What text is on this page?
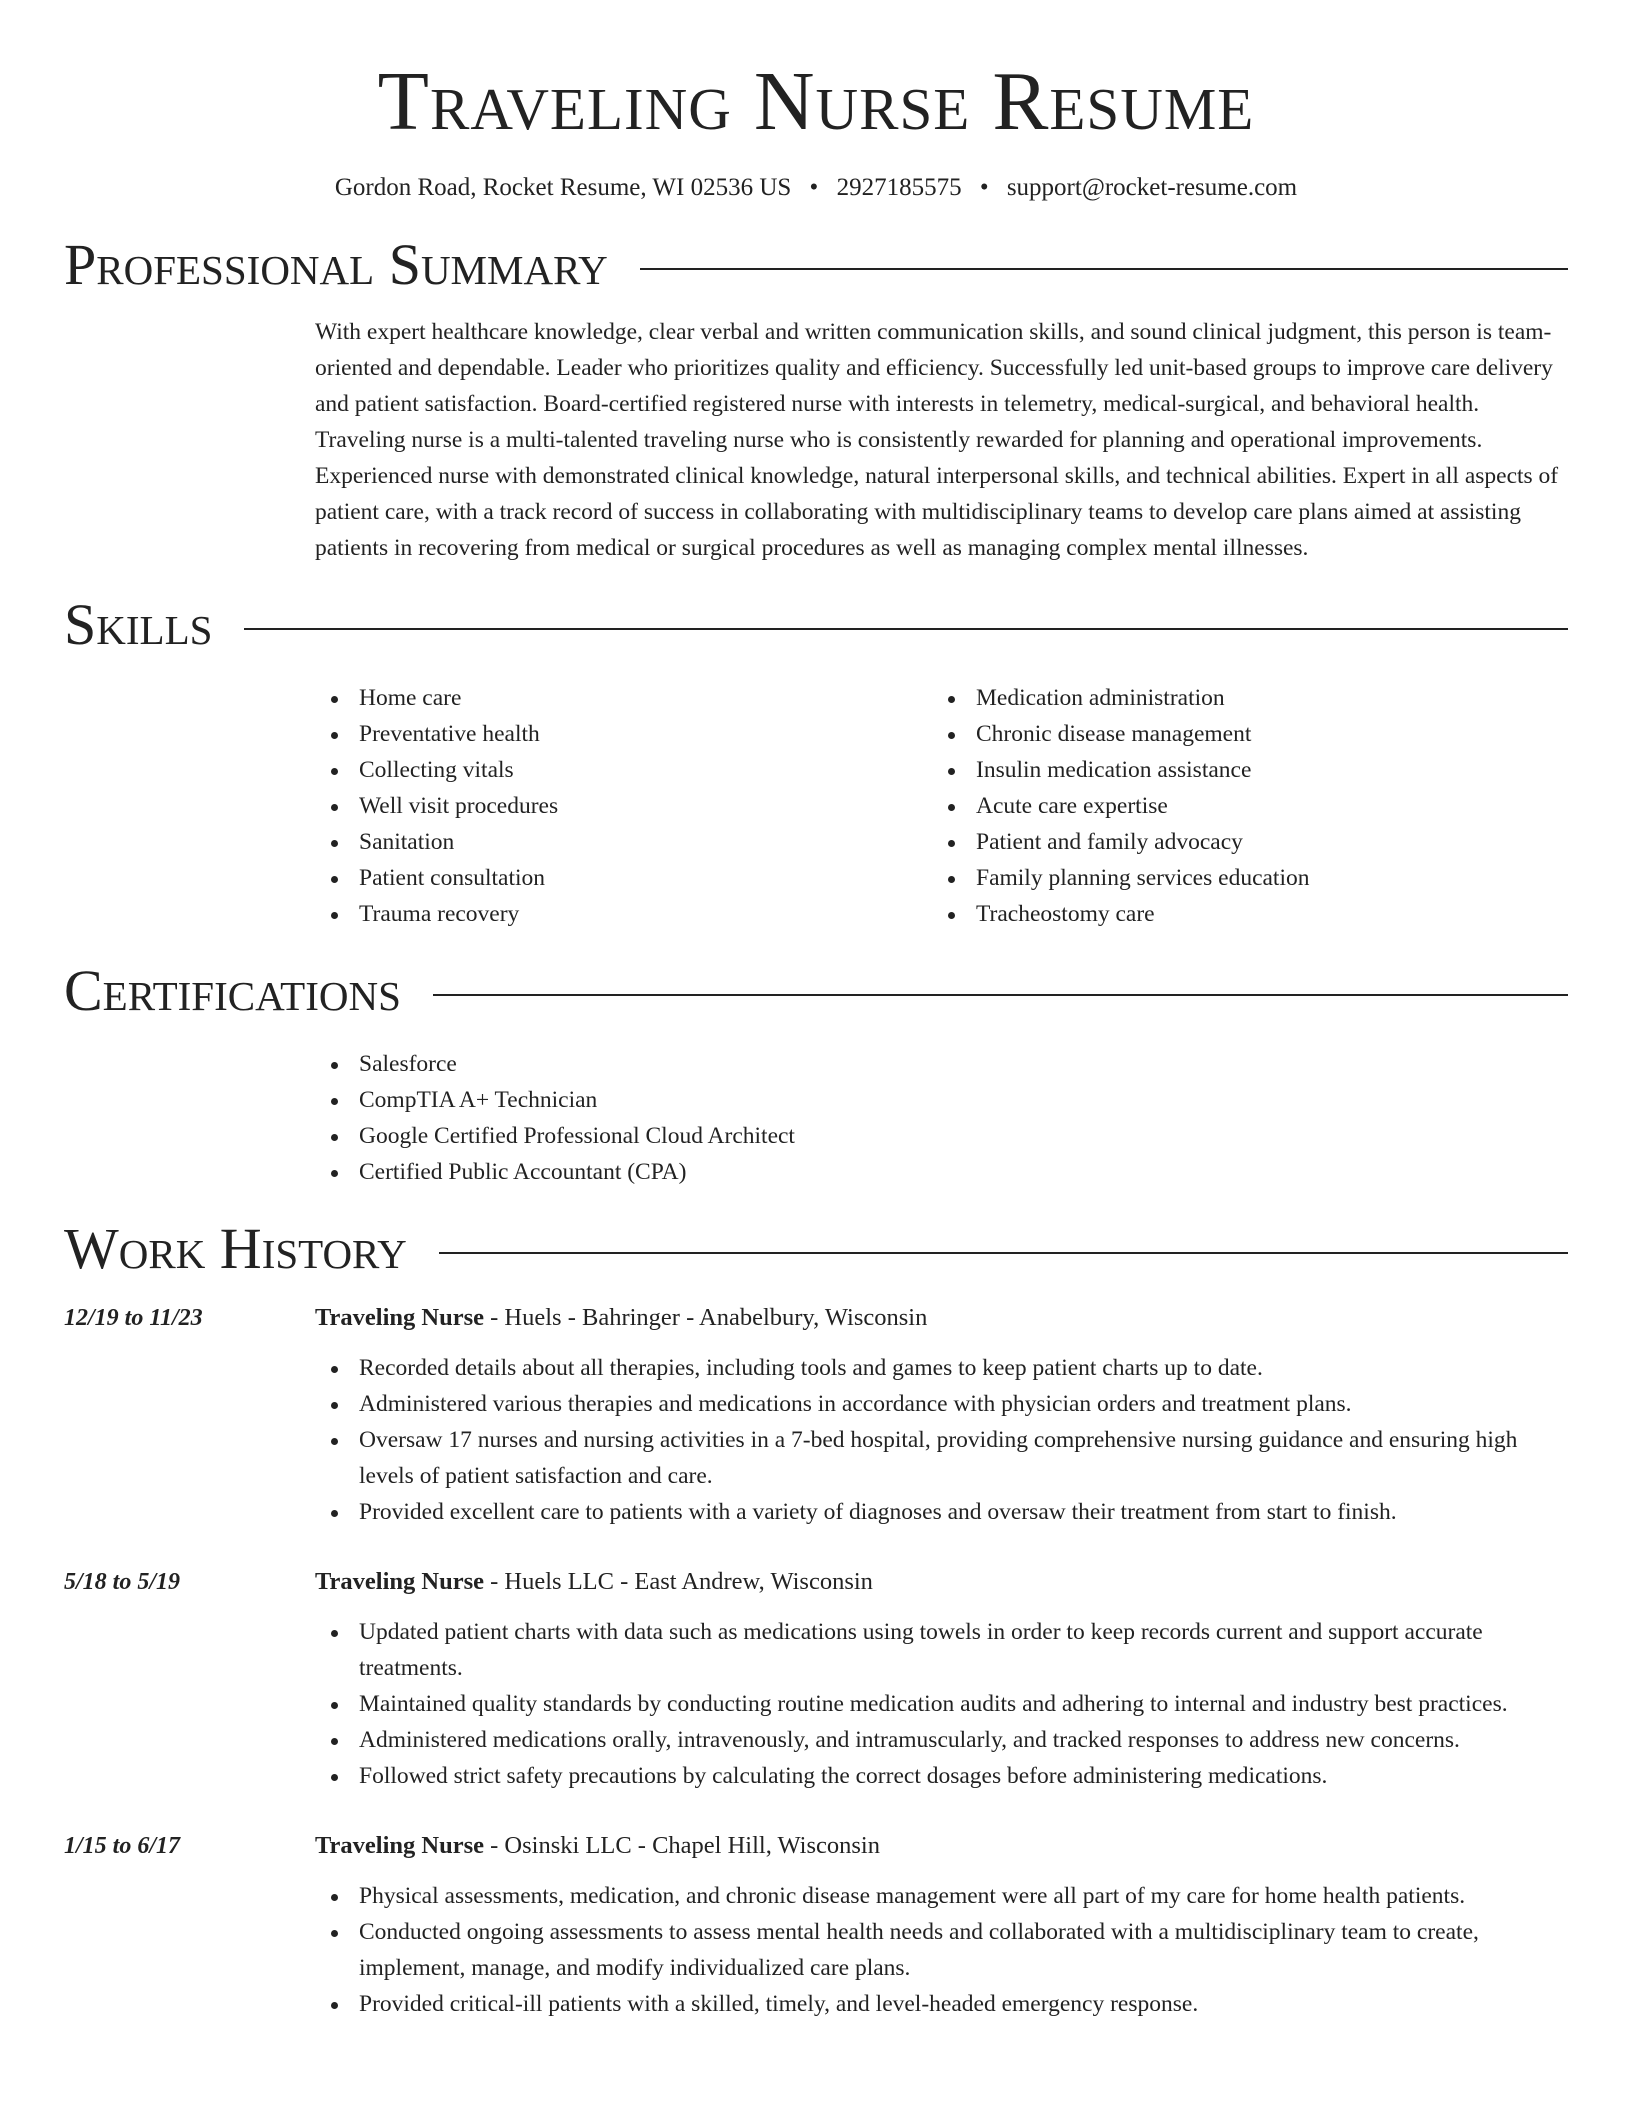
Traveling Nurse Resume
Gordon Road, Rocket Resume, WI 02536 US • 2927185575 • support@rocket-resume.com
Professional Summary

With expert healthcare knowledge, clear verbal and written communication skills, and sound clinical judgment, this person is team-oriented and dependable. Leader who prioritizes quality and efficiency. Successfully led unit-based groups to improve care delivery and patient satisfaction. Board-certified registered nurse with interests in telemetry, medical-surgical, and behavioral health. Traveling nurse is a multi-talented traveling nurse who is consistently rewarded for planning and operational improvements. Experienced nurse with demonstrated clinical knowledge, natural interpersonal skills, and technical abilities. Expert in all aspects of patient care, with a track record of success in collaborating with multidisciplinary teams to develop care plans aimed at assisting patients in recovering from medical or surgical procedures as well as managing complex mental illnesses.

Skills
Home care
Preventative health
Collecting vitals
Well visit procedures
Sanitation
Patient consultation
Trauma recovery
Medication administration
Chronic disease management
Insulin medication assistance
Acute care expertise
Patient and family advocacy
Family planning services education
Tracheostomy care
Certifications
Salesforce
CompTIA A+ Technician
Google Certified Professional Cloud Architect
Certified Public Accountant (CPA)
Work History
12/19 to 11/23	Traveling Nurse - Huels - Bahringer - Anabelbury, Wisconsin
Recorded details about all therapies, including tools and games to keep patient charts up to date.
Administered various therapies and medications in accordance with physician orders and treatment plans.
Oversaw 17 nurses and nursing activities in a 7-bed hospital, providing comprehensive nursing guidance and ensuring high levels of patient satisfaction and care.
Provided excellent care to patients with a variety of diagnoses and oversaw their treatment from start to finish.
5/18 to 5/19	Traveling Nurse - Huels LLC - East Andrew, Wisconsin
Updated patient charts with data such as medications using towels in order to keep records current and support accurate treatments.
Maintained quality standards by conducting routine medication audits and adhering to internal and industry best practices.
Administered medications orally, intravenously, and intramuscularly, and tracked responses to address new concerns.
Followed strict safety precautions by calculating the correct dosages before administering medications.
1/15 to 6/17	Traveling Nurse - Osinski LLC - Chapel Hill, Wisconsin
Physical assessments, medication, and chronic disease management were all part of my care for home health patients.
Conducted ongoing assessments to assess mental health needs and collaborated with a multidisciplinary team to create, implement, manage, and modify individualized care plans.
Provided critical-ill patients with a skilled, timely, and level-headed emergency response.
